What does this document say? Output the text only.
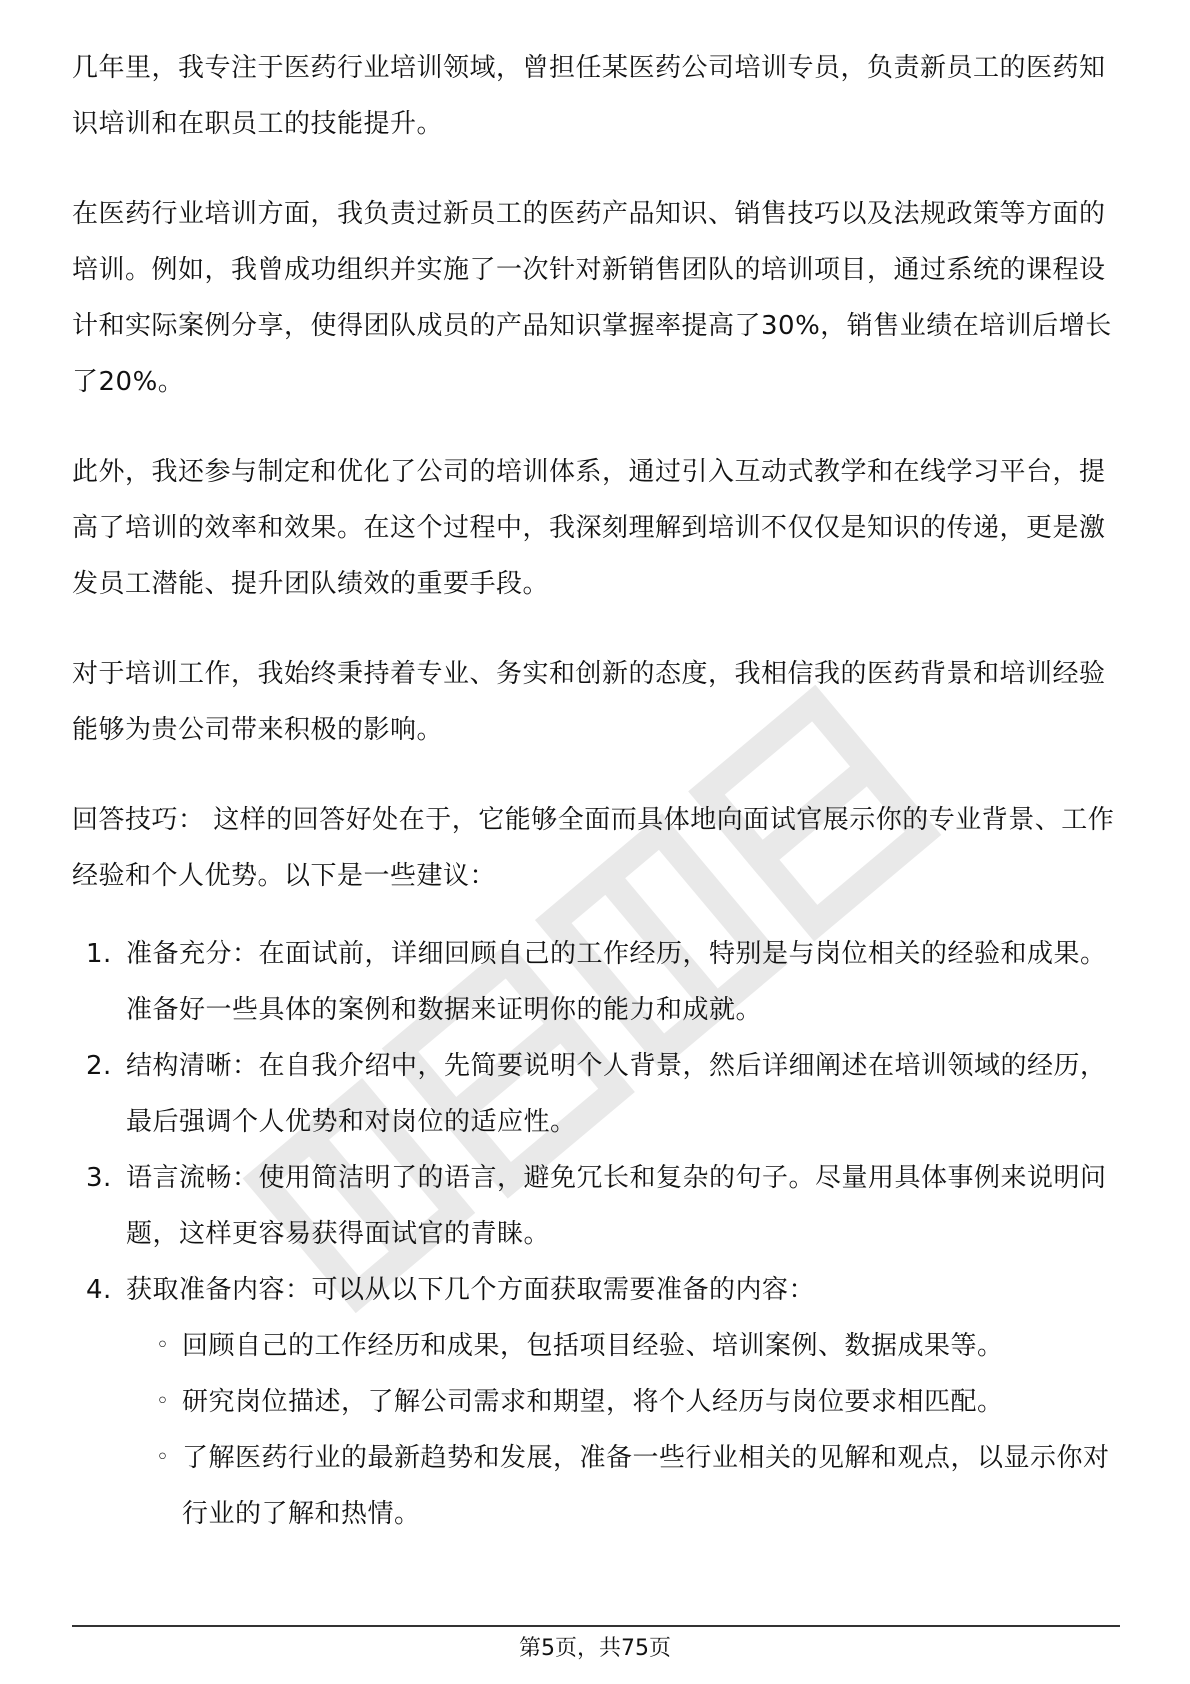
几年里，我专注于医药行业培训领域，曾担任某医药公司培训专员，负责新员工的医药知识培训和在职员工的技能提升。

在医药行业培训方面，我负责过新员工的医药产品知识、销售技巧以及法规政策等方面的培训。例如，我曾成功组织并实施了一次针对新销售团队的培训项目，通过系统的课程设计和实际案例分享，使得团队成员的产品知识掌握率提高了30%，销售业绩在培训后增长了20%。

此外，我还参与制定和优化了公司的培训体系，通过引入互动式教学和在线学习平台，提高了培训的效率和效果。在这个过程中，我深刻理解到培训不仅仅是知识的传递，更是激发员工潜能、提升团队绩效的重要手段。

对于培训工作，我始终秉持着专业、务实和创新的态度，我相信我的医药背景和培训经验能够为贵公司带来积极的影响。

回答技巧： 这样的回答好处在于，它能够全面而具体地向面试官展示你的专业背景、工作经验和个人优势。以下是一些建议：

1. 准备充分：在面试前，详细回顾自己的工作经历，特别是与岗位相关的经验和成果。准备好一些具体的案例和数据来证明你的能力和成就。
2. 结构清晰：在自我介绍中，先简要说明个人背景，然后详细阐述在培训领域的经历，最后强调个人优势和对岗位的适应性。
3. 语言流畅：使用简洁明了的语言，避免冗长和复杂的句子。尽量用具体事例来说明问题，这样更容易获得面试官的青睐。
4. 获取准备内容：可以从以下几个方面获取需要准备的内容：
◦ 回顾自己的工作经历和成果，包括项目经验、培训案例、数据成果等。
◦ 研究岗位描述，了解公司需求和期望，将个人经历与岗位要求相匹配。
◦ 了解医药行业的最新趋势和发展，准备一些行业相关的见解和观点，以显示你对行业的了解和热情。
第5页，共75页
